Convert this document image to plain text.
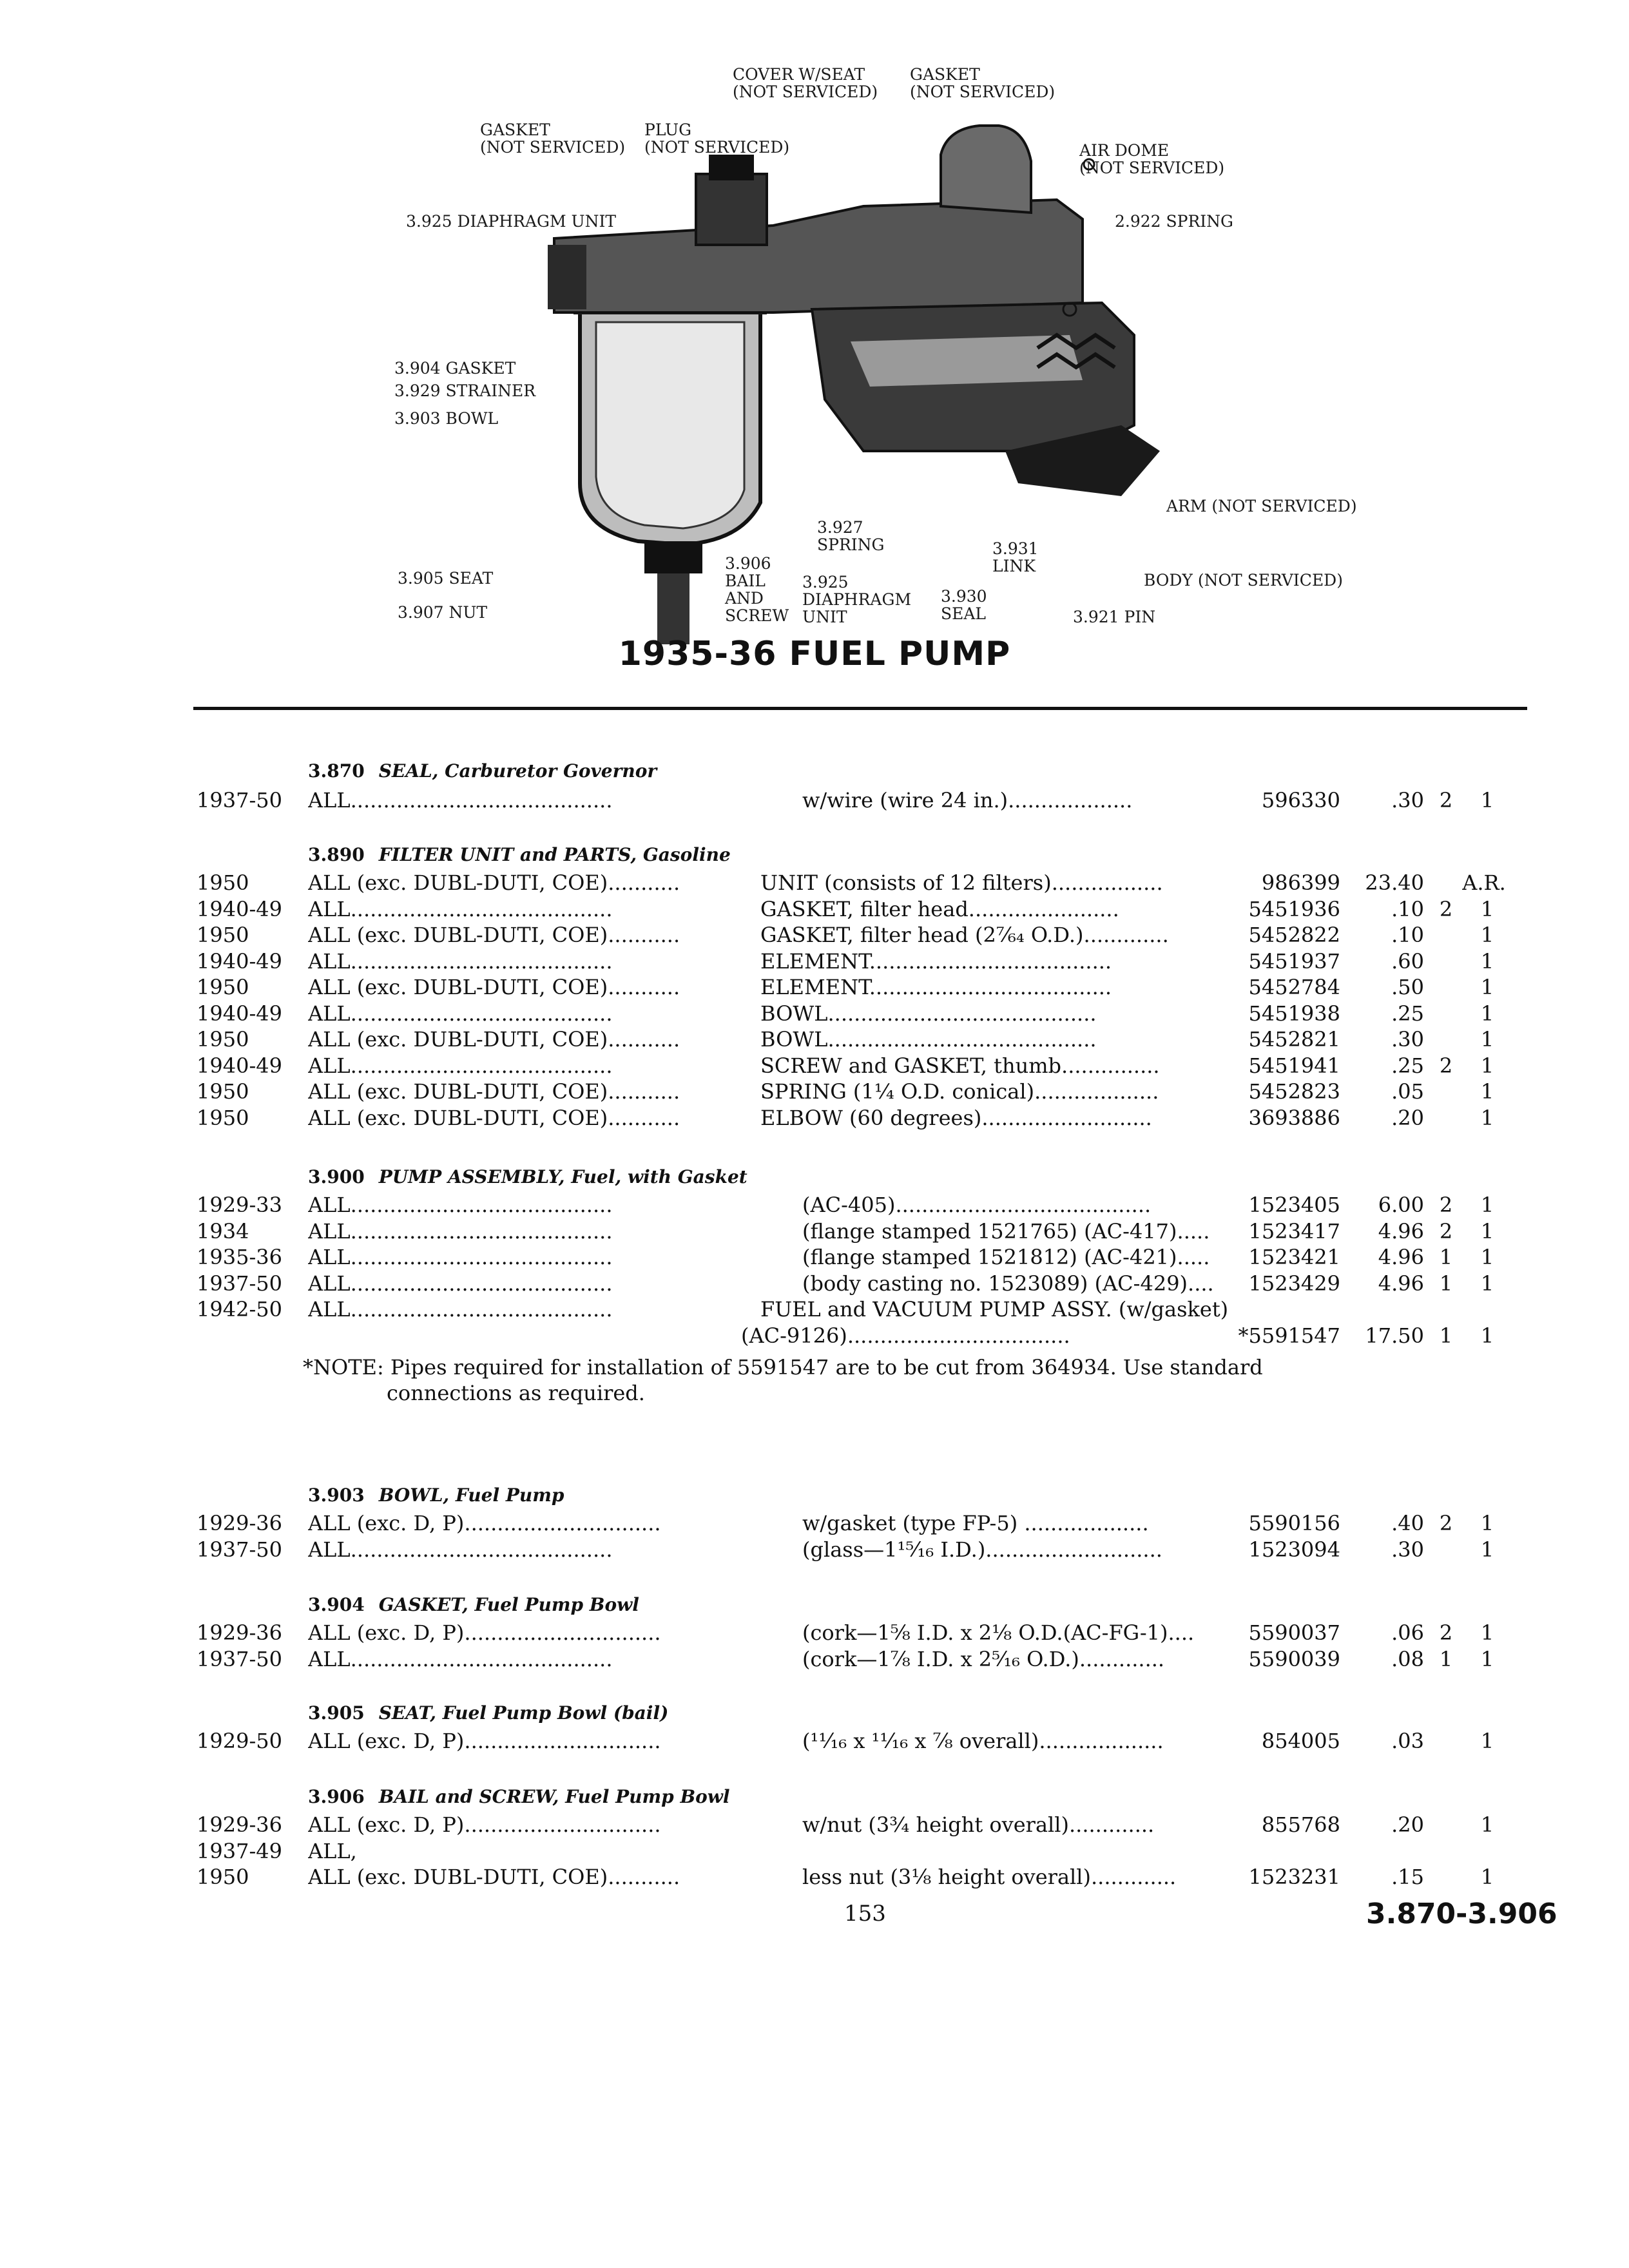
COVER W/SEAT
(NOT SERVICED)
GASKET
(NOT SERVICED)
GASKET
(NOT SERVICED)
PLUG
(NOT SERVICED)	AIR DOME
(NOT SERVICED)
3.925 DIAPHRAGM UNIT	2.922 SPRING
3.904 GASKET
3.929 STRAINER
3.903 BOWL
ARM (NOT SERVICED)
3.927
SPRING	3.931
LINK
3.906
BAIL
AND
SCREW
3.905 SEAT
3.907 NUT
3.925
DIAPHRAGM
UNIT
3.930
SEAL	3.921 PIN
BODY (NOT SERVICED)
1935-36 FUEL PUMP
3.870 SEAL, Carburetor Governor
1937-50 ALL........................................	w/wire (wire 24 in.)...................	596330	.30 2	1
3.890 FILTER UNIT and PARTS, Gasoline
1950	ALL (exc. DUBL-DUTI, COE)...........	UNIT (consists of 12 filters).................	986399	23.40	A.R.
1940-49 ALL........................................	GASKET, filter head.......................	5451936	.10 2	1
1950	ALL (exc. DUBL-DUTI, COE)...........	GASKET, filter head (2⁷⁄₆₄ O.D.).............	5452822	.10	1
1940-49 ALL........................................	ELEMENT.....................................	5451937	.60	1
1950	ALL (exc. DUBL-DUTI, COE)...........	ELEMENT.....................................	5452784	.50	1
1940-49 ALL........................................	BOWL.........................................	5451938	.25	1
1950	ALL (exc. DUBL-DUTI, COE)...........	BOWL.........................................	5452821	.30	1
1940-49 ALL........................................	SCREW and GASKET, thumb...............	5451941	.25 2	1
1950	ALL (exc. DUBL-DUTI, COE)...........	SPRING (1¼ O.D. conical)...................	5452823	.05	1
1950	ALL (exc. DUBL-DUTI, COE)...........	ELBOW (60 degrees)..........................	3693886	.20	1
3.900 PUMP ASSEMBLY, Fuel, with Gasket
1929-33 ALL........................................	(AC-405).......................................	1523405	6.00 2	1
1934	ALL........................................	(flange stamped 1521765) (AC-417).....	1523417	4.96 2	1
1935-36 ALL........................................	(flange stamped 1521812) (AC-421).....	1523421	4.96 1	1
1937-50 ALL........................................	(body casting no. 1523089) (AC-429)....	1523429	4.96 1	1
1942-50 ALL........................................	FUEL and VACUUM PUMP ASSY. (w/gasket)
(AC-9126)..................................	*5591547	17.50 1	1
*NOTE: Pipes required for installation of 5591547 are to be cut from 364934. Use standard
connections as required.
3.903 BOWL, Fuel Pump
1929-36 ALL (exc. D, P)..............................	w/gasket (type FP-5) ...................	5590156	.40 2	1
1937-50 ALL........................................	(glass—1¹⁵⁄₁₆ I.D.)...........................	1523094	.30	1
3.904 GASKET, Fuel Pump Bowl
1929-36 ALL (exc. D, P)..............................	(cork—1⅝ I.D. x 2⅛ O.D.(AC-FG-1)....	5590037	.06 2	1
1937-50 ALL........................................	(cork—1⅞ I.D. x 2⁵⁄₁₆ O.D.).............	5590039	.08 1	1
3.905 SEAT, Fuel Pump Bowl (bail)
1929-50 ALL (exc. D, P)..............................	(¹¹⁄₁₆ x ¹¹⁄₁₆ x ⅞ overall)...................	854005	.03	1
3.906 BAIL and SCREW, Fuel Pump Bowl
1929-36 ALL (exc. D, P)..............................	w/nut (3¾ height overall).............	855768	.20	1
1937-49 ALL,
1950	ALL (exc. DUBL-DUTI, COE)...........	less nut (3⅛ height overall).............	1523231	.15	1
153	3.870-3.906
